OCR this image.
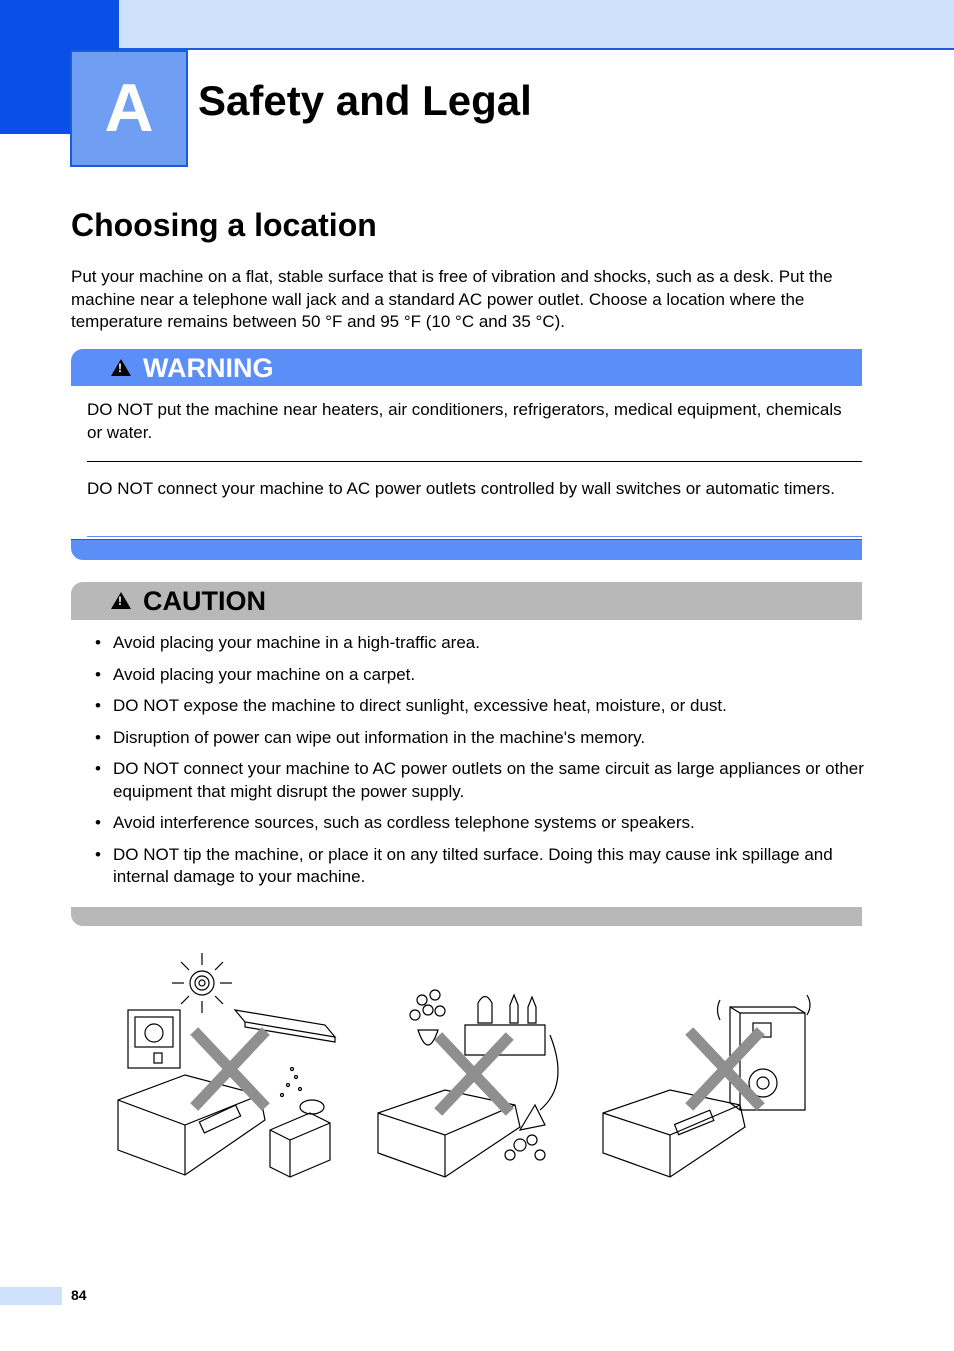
A	Safety and Legal
Choosing a location
Put your machine on a flat, stable surface that is free of vibration and shocks, such as a desk. Put the machine near a telephone wall jack and a standard AC power outlet. Choose a location where the temperature remains between 50 °F and 95 °F (10 °C and 35 °C).
!
WARNING
DO NOT put the machine near heaters, air conditioners, refrigerators, medical equipment, chemicals or water.
DO NOT connect your machine to AC power outlets controlled by wall switches or automatic timers.
!
CAUTION
• Avoid placing your machine in a high-traffic area.
• Avoid placing your machine on a carpet.
• DO NOT expose the machine to direct sunlight, excessive heat, moisture, or dust.
• Disruption of power can wipe out information in the machine's memory.
• DO NOT connect your machine to AC power outlets on the same circuit as large appliances or other equipment that might disrupt the power supply.
• Avoid interference sources, such as cordless telephone systems or speakers.
• DO NOT tip the machine, or place it on any tilted surface. Doing this may cause ink spillage and internal damage to your machine.
84
